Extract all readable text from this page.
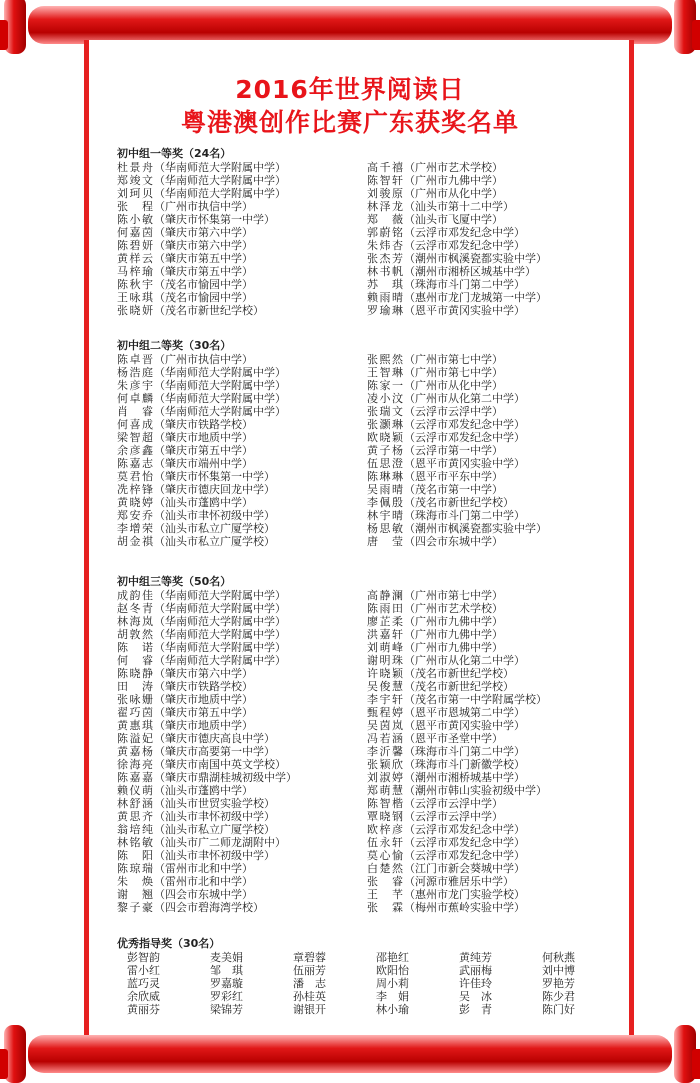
2016年世界阅读日
粤港澳创作比赛广东获奖名单
初中组一等奖（24名）
杜景舟（华南师范大学附属中学）
郑竣文（华南师范大学附属中学）
刘珂贝（华南师范大学附属中学）
张　程（广州市执信中学）
陈小敏（肇庆市怀集第一中学）
何嘉茵（肇庆市第六中学）
陈碧妍（肇庆市第六中学）
黄样云（肇庆市第五中学）
马梓瑜（肇庆市第五中学）
陈秋宇（茂名市愉园中学）
王咏琪（茂名市愉园中学）
张晓妍（茂名市新世纪学校）
高千禧（广州市艺术学校）
陈智轩（广州市九佛中学）
刘骏原（广州市从化中学）
林泽龙（汕头市第十二中学）
郑　薇（汕头市飞厦中学）
郭蔚铭（云浮市邓发纪念中学）
朱炜杏（云浮市邓发纪念中学）
张杰芳（潮州市枫溪瓷都实验中学）
林书帆（潮州市湘桥区城基中学）
苏　琪（珠海市斗门第二中学）
赖雨晴（惠州市龙门龙城第一中学）
罗瑜琳（恩平市黄冈实验中学）
初中组二等奖（30名）
陈卓晋（广州市执信中学）
杨浩庭（华南师范大学附属中学）
朱彦宇（华南师范大学附属中学）
何卓麟（华南师范大学附属中学）
肖　睿（华南师范大学附属中学）
何喜成（肇庆市铁路学校）
梁智超（肇庆市地质中学）
余彦鑫（肇庆市第五中学）
陈嘉志（肇庆市端州中学）
莫君怡（肇庆市怀集第一中学）
冼梓锋（肇庆市德庆回龙中学）
黄晓婷（汕头市蓬鸥中学）
郑安乔（汕头市聿怀初级中学）
李增荣（汕头市私立广厦学校）
胡金祺（汕头市私立广厦学校）
张熙然（广州市第七中学）
王智琳（广州市第七中学）
陈家一（广州市从化中学）
凌小汶（广州市从化第二中学）
张瑞文（云浮市云浮中学）
张灏琳（云浮市邓发纪念中学）
欧晓颖（云浮市邓发纪念中学）
黄子杨（云浮市第一中学）
伍思澄（恩平市黄冈实验中学）
陈琳琳（恩平市平东中学）
吴雨晴（茂名市第一中学）
李佩殷（茂名市新世纪学校）
林宇晴（珠海市斗门第二中学）
杨思敏（潮州市枫溪瓷都实验中学）
唐　莹（四会市东城中学）
初中组三等奖（50名）
成韵佳（华南师范大学附属中学）
赵冬青（华南师范大学附属中学）
林海岚（华南师范大学附属中学）
胡敦然（华南师范大学附属中学）
陈　诺（华南师范大学附属中学）
何　睿（华南师范大学附属中学）
陈晓静（肇庆市第六中学）
田　涛（肇庆市铁路学校）
张咏姗（肇庆市地质中学）
翟巧茵（肇庆市第五中学）
黄惠琪（肇庆市地质中学）
陈溢妃（肇庆市德庆高良中学）
黄嘉杨（肇庆市高要第一中学）
徐海亮（肇庆市南国中英文学校）
陈嘉嘉（肇庆市鼎湖桂城初级中学）
赖仪萌（汕头市蓬鸥中学）
林舒涵（汕头市世贸实验学校）
黄思齐（汕头市聿怀初级中学）
翁培纯（汕头市私立广厦学校）
林铭敏（汕头市广二师龙湖附中）
陈　阳（汕头市聿怀初级中学）
陈琼瑞（雷州市北和中学）
朱　焕（雷州市北和中学）
谢　翘（四会市东城中学）
黎子豪（四会市碧海湾学校）
高静澜（广州市第七中学）
陈雨田（广州市艺术学校）
廖芷柔（广州市九佛中学）
洪嘉轩（广州市九佛中学）
刘萌峰（广州市九佛中学）
谢明珠（广州市从化第二中学）
许晓颖（茂名市新世纪学校）
吴俊慧（茂名市新世纪学校）
李宇轩（茂名市第一中学附属学校）
甄程婷（恩平市恩城第二中学）
吴茵岚（恩平市黄冈实验中学）
冯若涵（恩平市圣堂中学）
李沂馨（珠海市斗门第二中学）
张颖欣（珠海市斗门新徽学校）
刘淑婷（潮州市湘桥城基中学）
郑萌慧（潮州市韩山实验初级中学）
陈智楷（云浮市云浮中学）
覃晓钢（云浮市云浮中学）
欧梓彦（云浮市邓发纪念中学）
伍永轩（云浮市邓发纪念中学）
莫心愉（云浮市邓发纪念中学）
白楚然（江门市新会葵城中学）
张　睿（河源市雅居乐中学）
王　芊（惠州市龙门实验学校）
张　霖（梅州市蕉岭实验中学）
优秀指导奖（30名）
彭智韵	麦美娟	章碧蓉	邵艳红	黄纯芳	何秋燕
雷小红	邹　琪	伍丽芳	欧阳怡	武丽梅	刘中博
蓝巧灵	罗嘉璇	潘　志	周小莉	许佳玲	罗艳芳
余欣威	罗彩红	孙桂英	李　娟	吴　冰	陈少君
黄丽芬	梁锦芳	谢银开	林小瑜	彭　青	陈门好
